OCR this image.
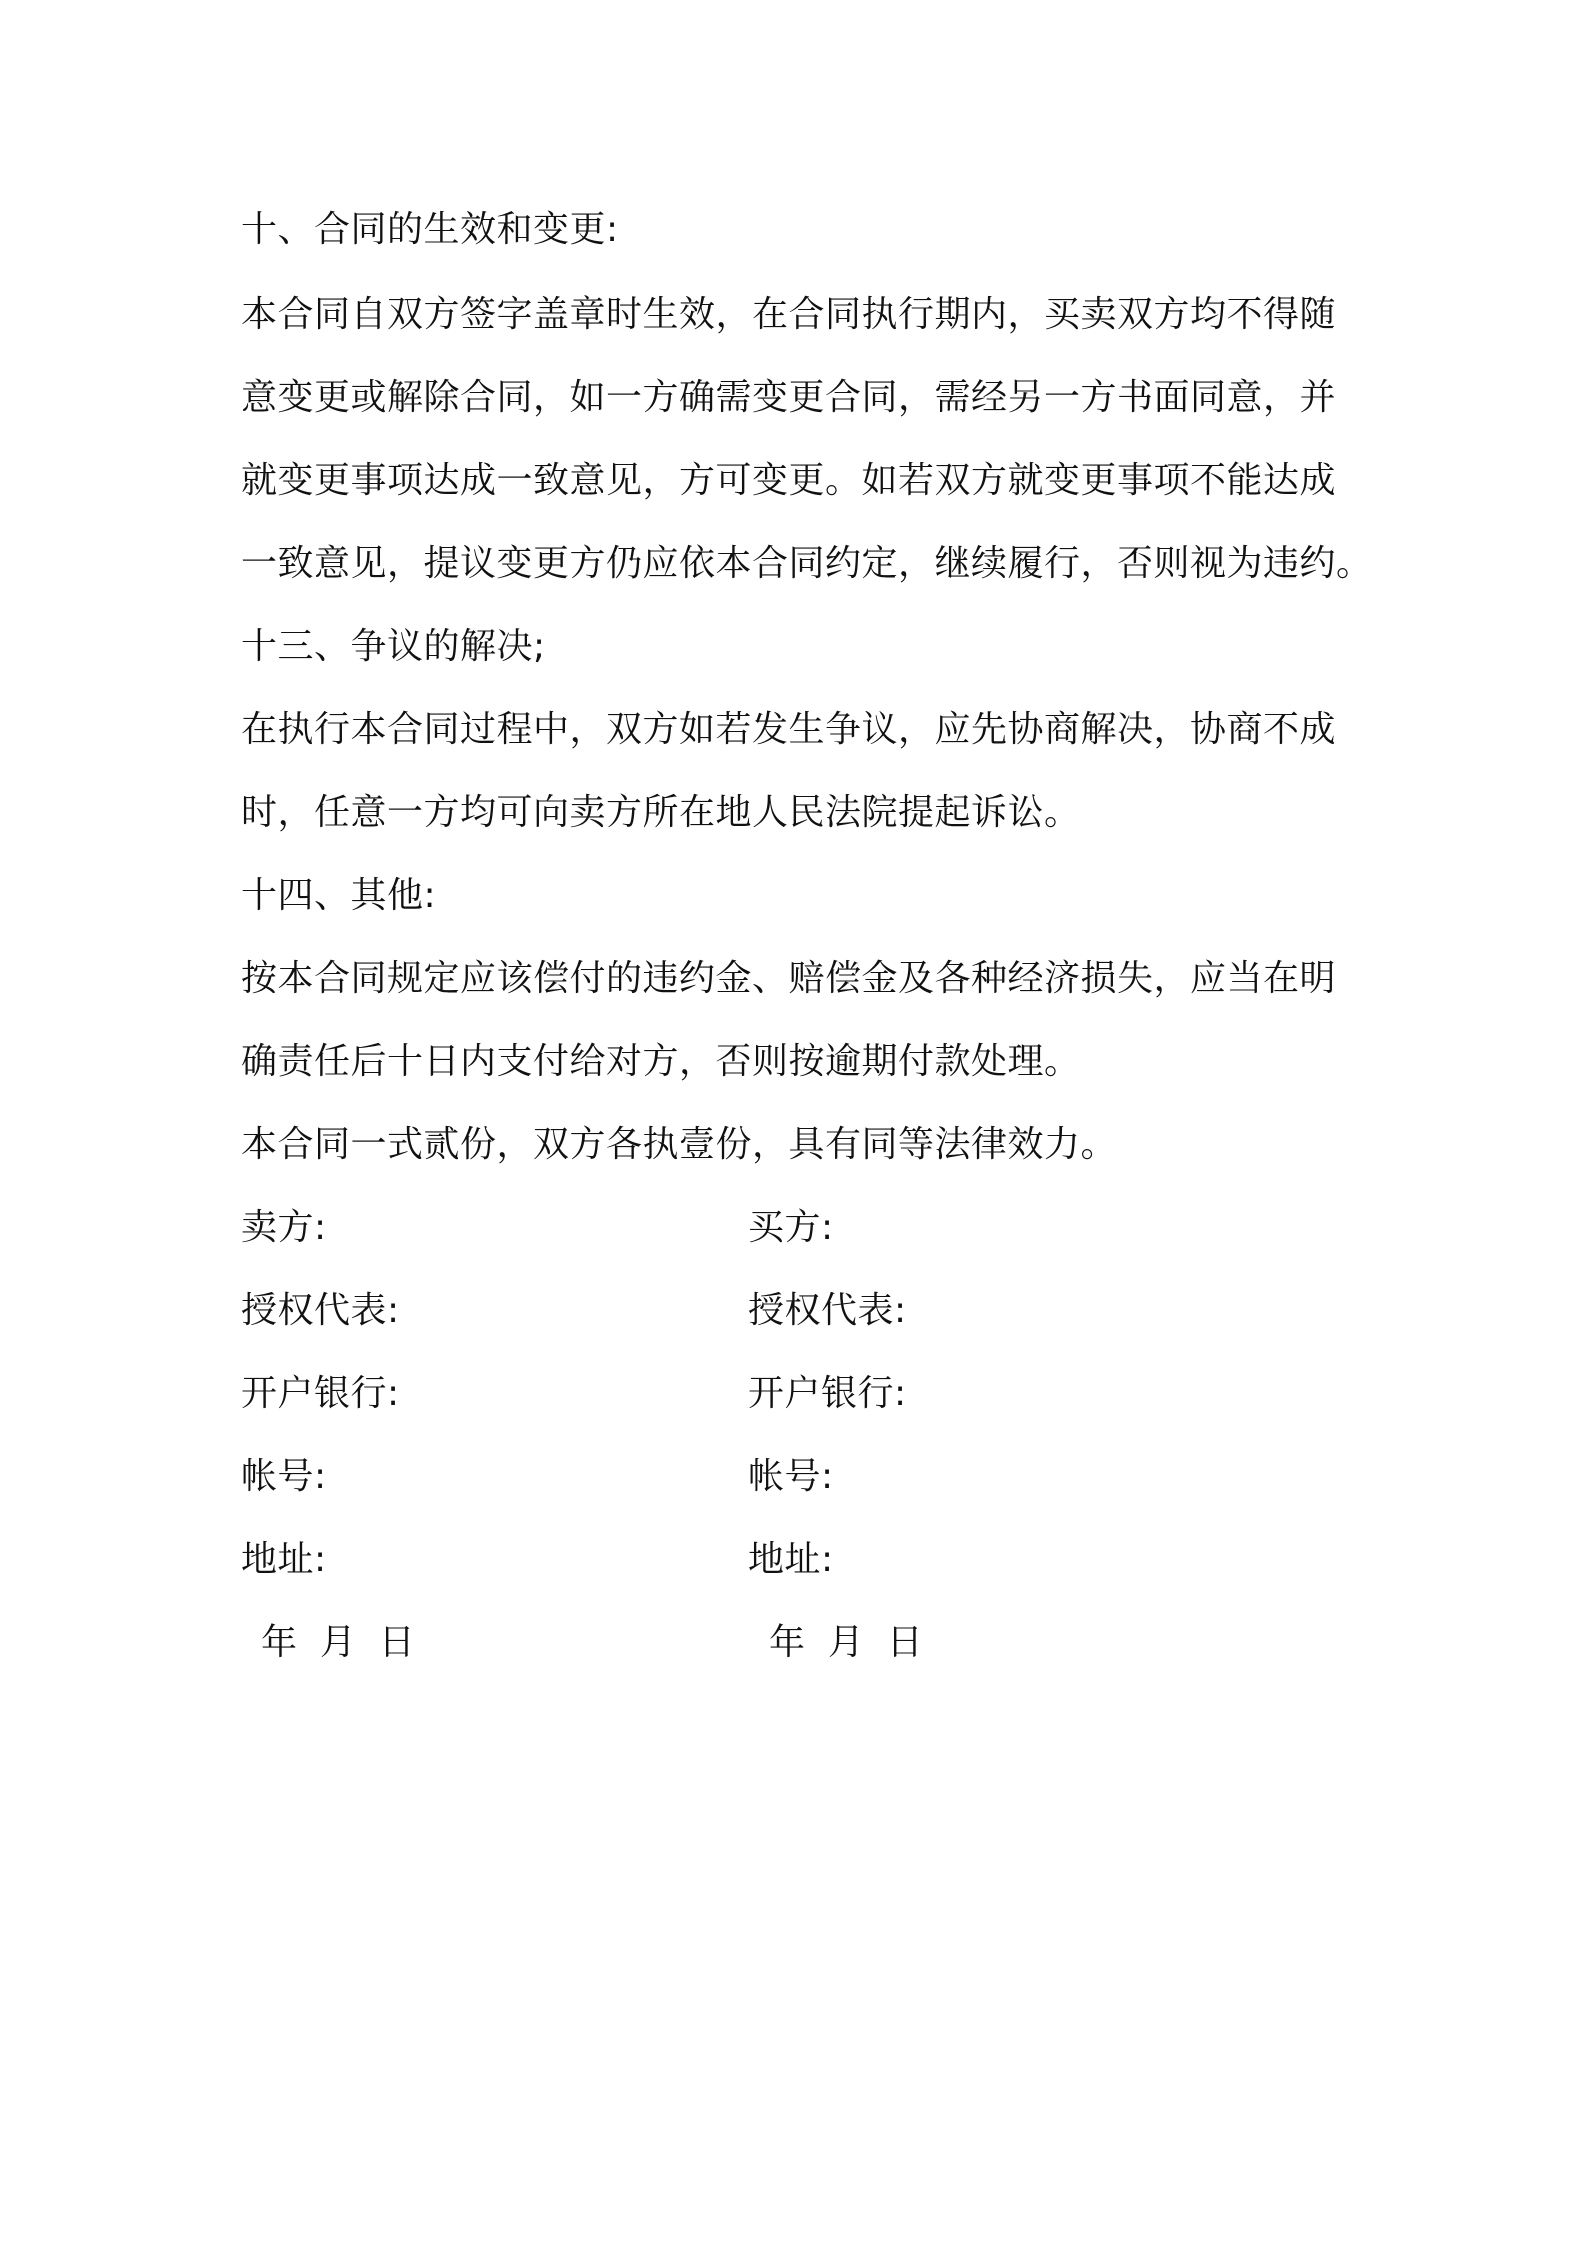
十、合同的生效和变更:
本合同自双方签字盖章时生效，在合同执行期内，买卖双方均不得随
意变更或解除合同，如一方确需变更合同，需经另一方书面同意，并
就变更事项达成一致意见，方可变更。如若双方就变更事项不能达成
一致意见，提议变更方仍应依本合同约定，继续履行，否则视为违约。
十三、争议的解决;
在执行本合同过程中，双方如若发生争议，应先协商解决，协商不成
时，任意一方均可向卖方所在地人民法院提起诉讼。
十四、其他:
按本合同规定应该偿付的违约金、赔偿金及各种经济损失，应当在明
确责任后十日内支付给对方，否则按逾期付款处理。
本合同一式贰份，双方各执壹份，具有同等法律效力。
卖方:	买方:
授权代表:	授权代表:
开户银行:	开户银行:
帐号:	帐号:
地址:	地址:
年  月  日	年  月  日
